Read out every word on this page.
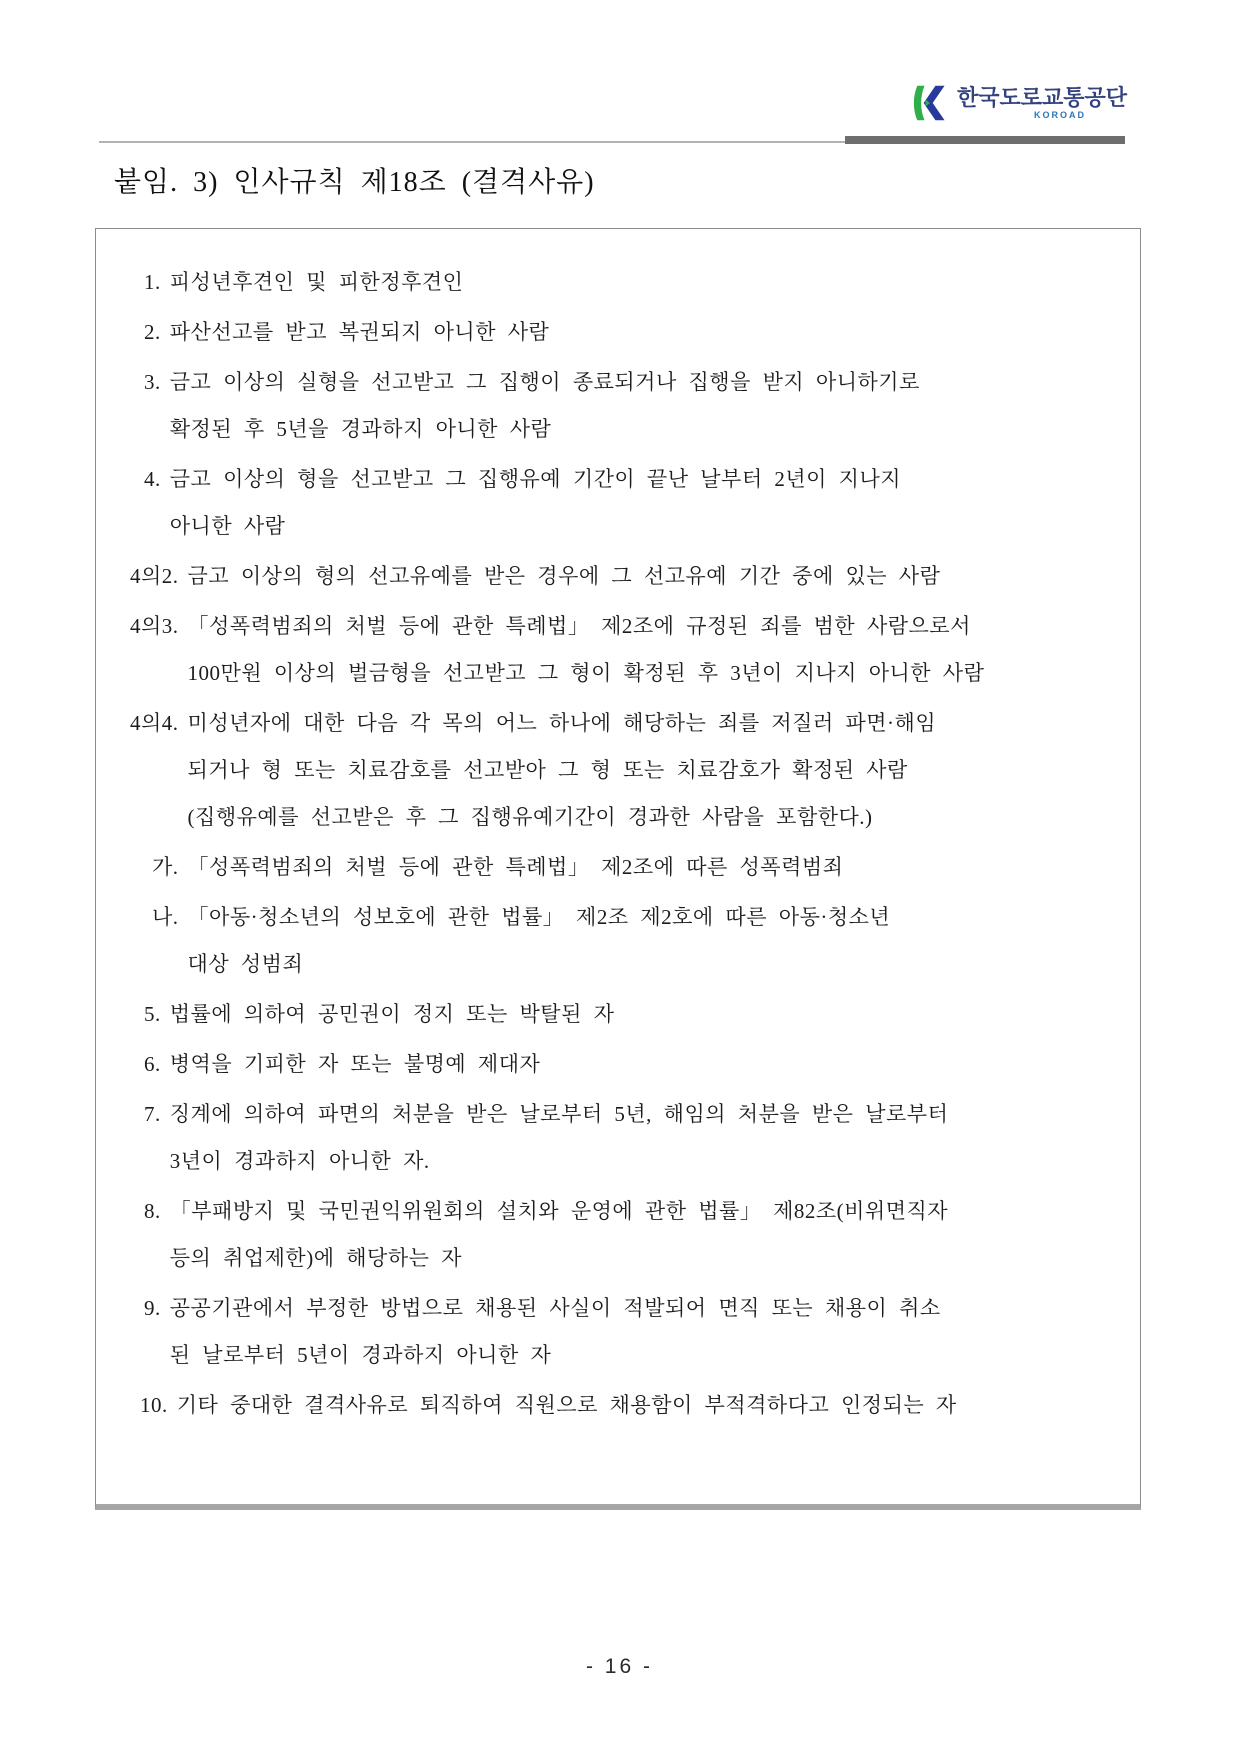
한국도로교통공단
KOROAD
붙임. 3) 인사규칙 제18조 (결격사유)
1. 피성년후견인 및 피한정후견인
2. 파산선고를 받고 복권되지 아니한 사람
3. 금고 이상의 실형을 선고받고 그 집행이 종료되거나 집행을 받지 아니하기로
확정된 후 5년을 경과하지 아니한 사람
4. 금고 이상의 형을 선고받고 그 집행유예 기간이 끝난 날부터 2년이 지나지
아니한 사람
4의2. 금고 이상의 형의 선고유예를 받은 경우에 그 선고유예 기간 중에 있는 사람
4의3. 「성폭력범죄의 처벌 등에 관한 특례법」 제2조에 규정된 죄를 범한 사람으로서
100만원 이상의 벌금형을 선고받고 그 형이 확정된 후 3년이 지나지 아니한 사람
4의4. 미성년자에 대한 다음 각 목의 어느 하나에 해당하는 죄를 저질러 파면·해임
되거나 형 또는 치료감호를 선고받아 그 형 또는 치료감호가 확정된 사람
(집행유예를 선고받은 후 그 집행유예기간이 경과한 사람을 포함한다.)
가. 「성폭력범죄의 처벌 등에 관한 특례법」 제2조에 따른 성폭력범죄
나. 「아동·청소년의 성보호에 관한 법률」 제2조 제2호에 따른 아동·청소년
대상 성범죄
5. 법률에 의하여 공민권이 정지 또는 박탈된 자
6. 병역을 기피한 자 또는 불명예 제대자
7. 징계에 의하여 파면의 처분을 받은 날로부터 5년, 해임의 처분을 받은 날로부터
3년이 경과하지 아니한 자.
8. 「부패방지 및 국민권익위원회의 설치와 운영에 관한 법률」 제82조(비위면직자
등의 취업제한)에 해당하는 자
9. 공공기관에서 부정한 방법으로 채용된 사실이 적발되어 면직 또는 채용이 취소
된 날로부터 5년이 경과하지 아니한 자
10. 기타 중대한 결격사유로 퇴직하여 직원으로 채용함이 부적격하다고 인정되는 자
- 16 -
